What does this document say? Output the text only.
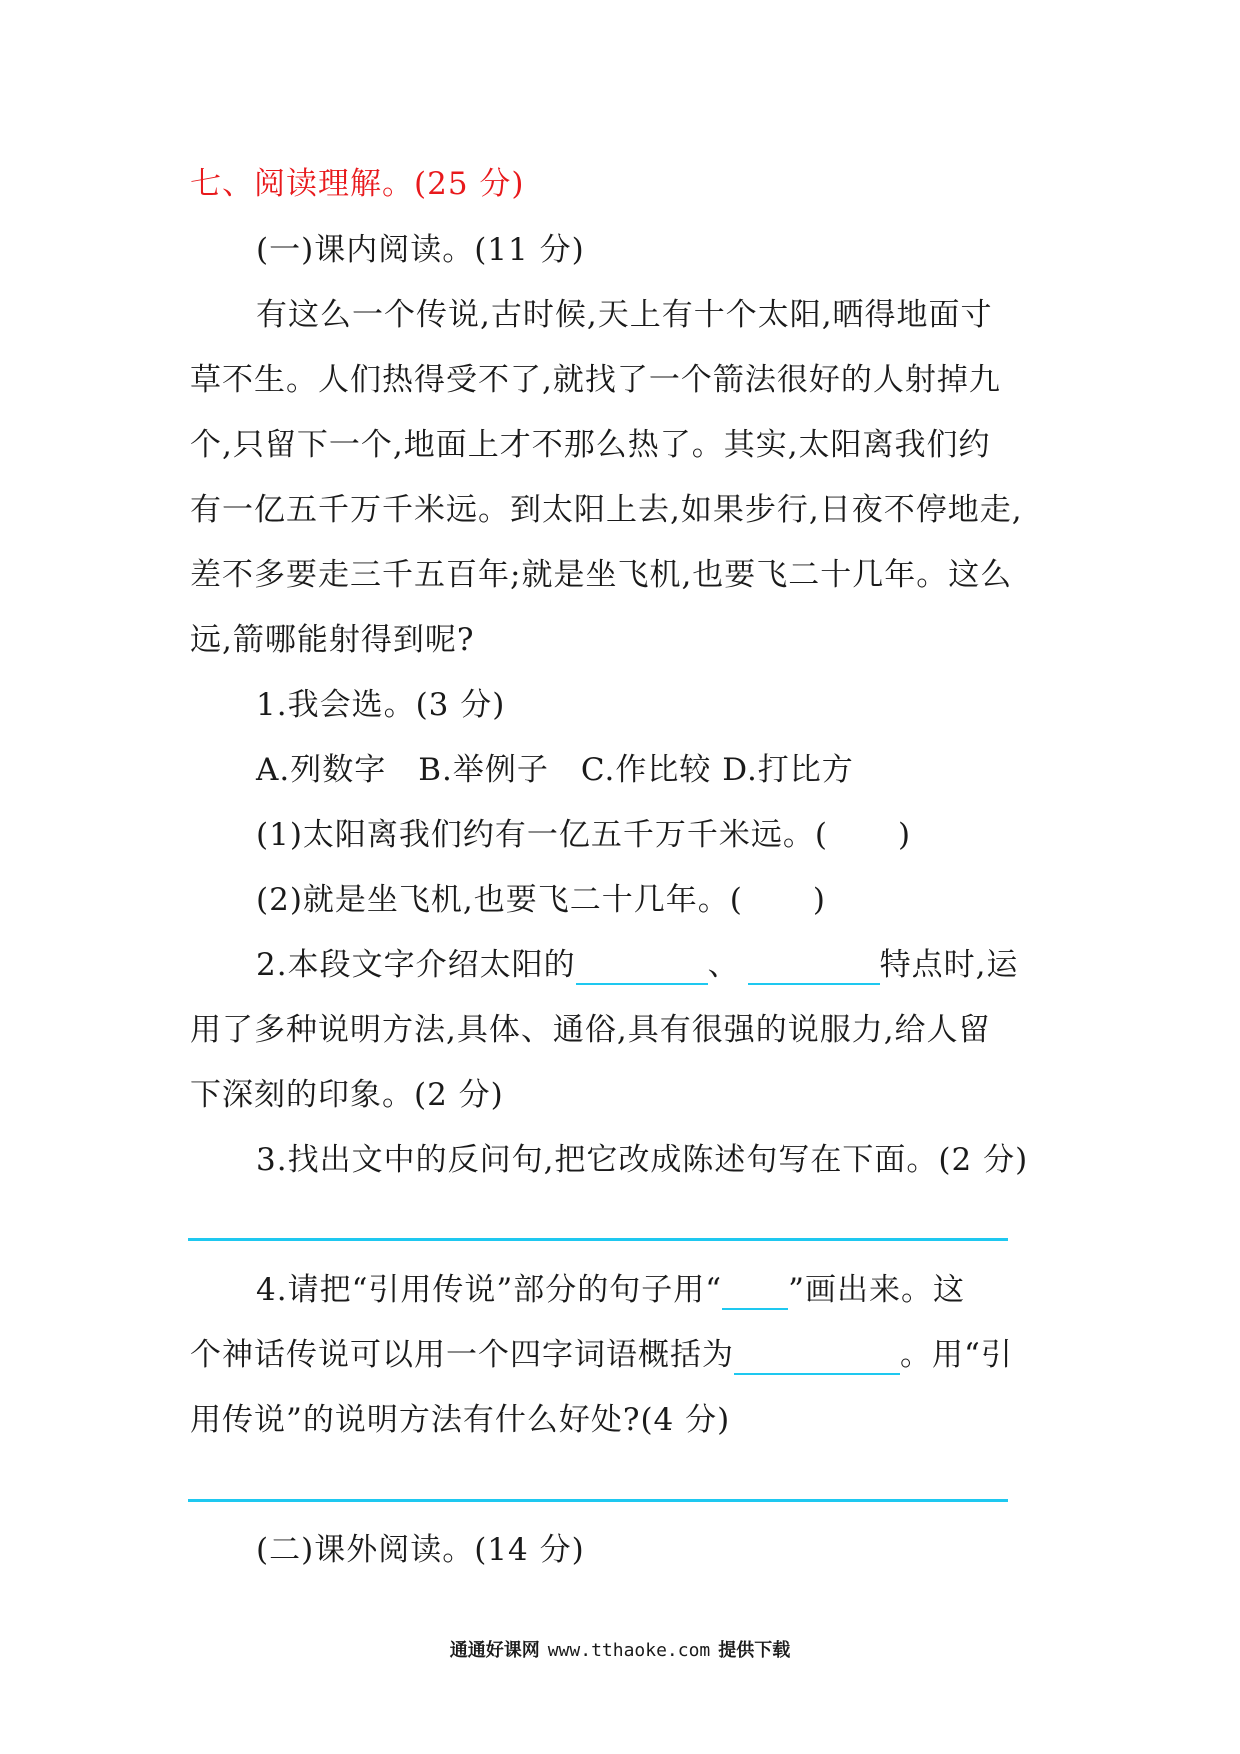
七、阅读理解。(25 分)
(一)课内阅读。(11 分)
有这么一个传说,古时候,天上有十个太阳,晒得地面寸
草不生。人们热得受不了,就找了一个箭法很好的人射掉九
个,只留下一个,地面上才不那么热了。其实,太阳离我们约
有一亿五千万千米远。到太阳上去,如果步行,日夜不停地走,
差不多要走三千五百年;就是坐飞机,也要飞二十几年。这么
远,箭哪能射得到呢?
1.我会选。(3 分)
A.列数字　B.举例子　C.作比较 D.打比方
(1)太阳离我们约有一亿五千万千米远。( )
(2)就是坐飞机,也要飞二十几年。( )
2.本段文字介绍太阳的	、	特点时,运
用了多种说明方法,具体、通俗,具有很强的说服力,给人留
下深刻的印象。(2 分)
3.找出文中的反问句,把它改成陈述句写在下面。(2 分)
4.请把“引用传说”部分的句子用“ ”画出来。这
个神话传说可以用一个四字词语概括为	。用“引
用传说”的说明方法有什么好处?(4 分)
(二)课外阅读。(14 分)
通通好课网 www.tthaoke.com 提供下载
